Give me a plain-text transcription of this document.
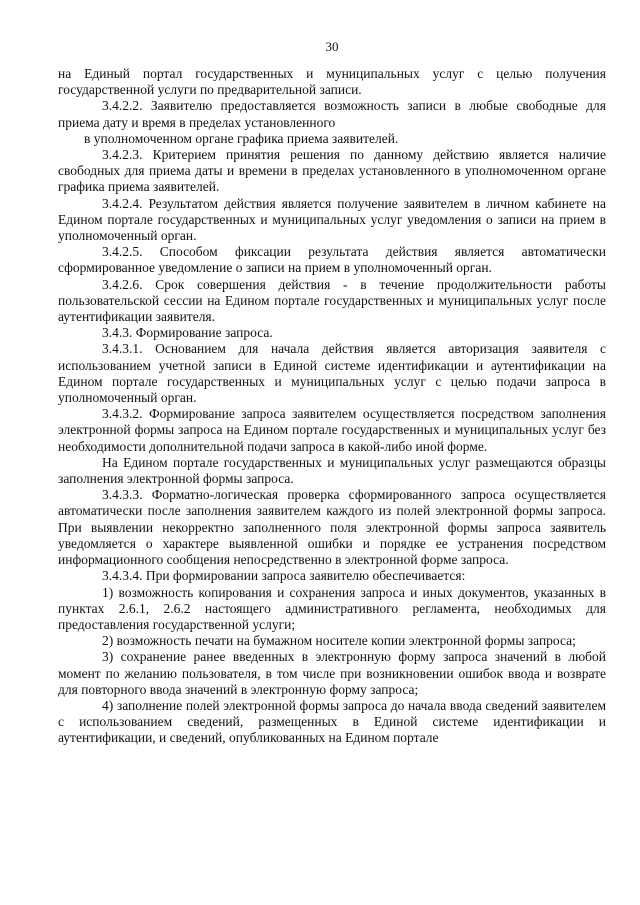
30

на Единый портал государственных и муниципальных услуг с целью получения государственной услуги по предварительной записи.

3.4.2.2. Заявителю предоставляется возможность записи в любые свободные для приема дату и время в пределах установленного

в уполномоченном органе графика приема заявителей.

3.4.2.3. Критерием принятия решения по данному действию является наличие свободных для приема даты и времени в пределах установленного в уполномоченном органе графика приема заявителей.

3.4.2.4. Результатом действия является получение заявителем в личном кабинете на Едином портале государственных и муниципальных услуг уведомления о записи на прием в уполномоченный орган.

3.4.2.5. Способом фиксации результата действия является автоматически сформированное уведомление о записи на прием в уполномоченный орган.

3.4.2.6. Срок совершения действия - в течение продолжительности работы пользовательской сессии на Едином портале государственных и муниципальных услуг после аутентификации заявителя.

3.4.3. Формирование запроса.

3.4.3.1. Основанием для начала действия является авторизация заявителя с использованием учетной записи в Единой системе идентификации и аутентификации на Едином портале государственных и муниципальных услуг с целью подачи запроса в уполномоченный орган.

3.4.3.2. Формирование запроса заявителем осуществляется посредством заполнения электронной формы запроса на Едином портале государственных и муниципальных услуг без необходимости дополнительной подачи запроса в какой-либо иной форме.

На Едином портале государственных и муниципальных услуг размещаются образцы заполнения электронной формы запроса.

3.4.3.3. Форматно-логическая проверка сформированного запроса осуществляется автоматически после заполнения заявителем каждого из полей электронной формы запроса. При выявлении некорректно заполненного поля электронной формы запроса заявитель уведомляется о характере выявленной ошибки и порядке ее устранения посредством информационного сообщения непосредственно в электронной форме запроса.

3.4.3.4. При формировании запроса заявителю обеспечивается:

1) возможность копирования и сохранения запроса и иных документов, указанных в пунктах 2.6.1, 2.6.2 настоящего административного регламента, необходимых для предоставления государственной услуги;

2) возможность печати на бумажном носителе копии электронной формы запроса;

3) сохранение ранее введенных в электронную форму запроса значений в любой момент по желанию пользователя, в том числе при возникновении ошибок ввода и возврате для повторного ввода значений в электронную форму запроса;

4) заполнение полей электронной формы запроса до начала ввода сведений заявителем с использованием сведений, размещенных в Единой системе идентификации и аутентификации, и сведений, опубликованных на Едином портале
